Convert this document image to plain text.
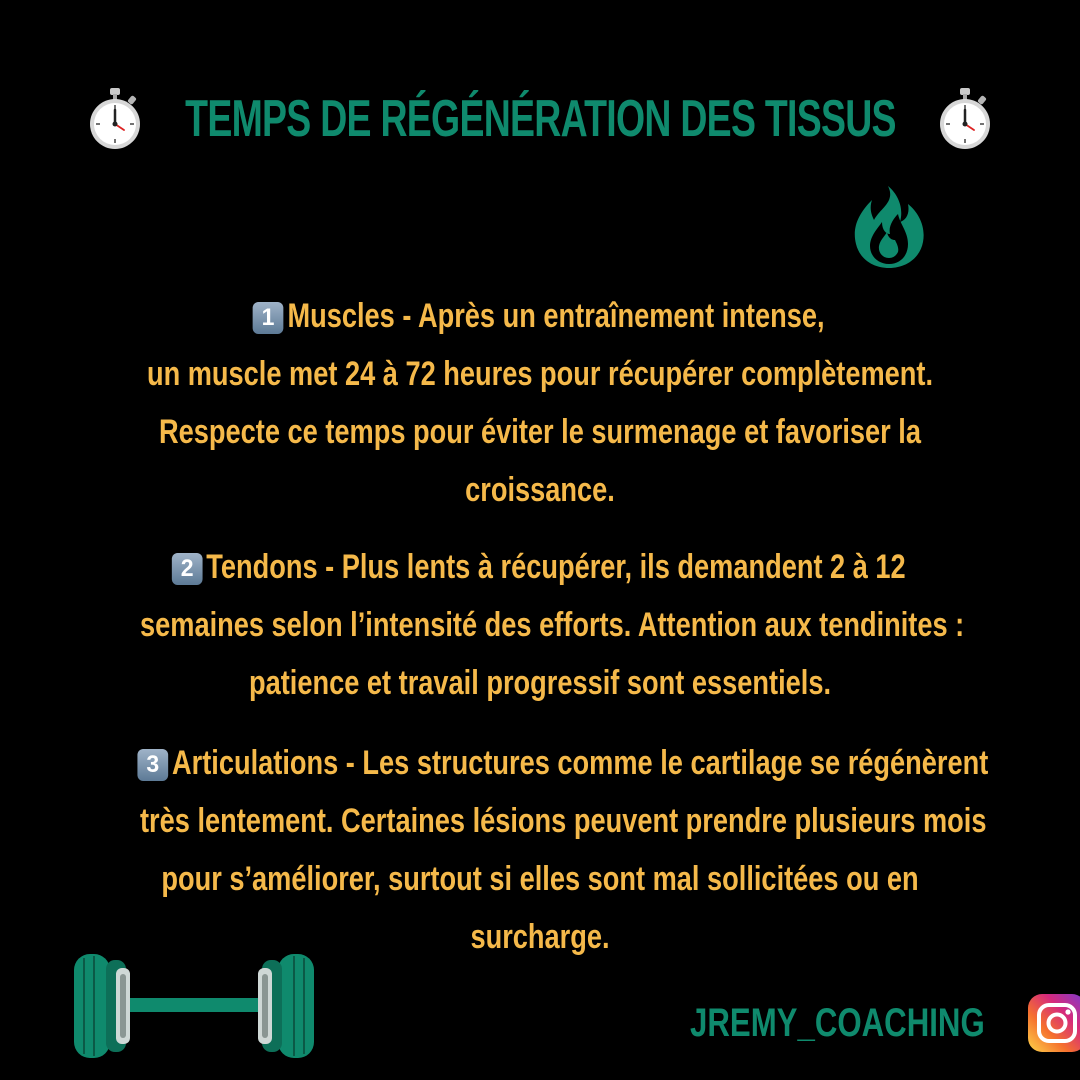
TEMPS DE RÉGÉNÉRATION DES TISSUS
1 Muscles - Après un entraînement intense,
un muscle met 24 à 72 heures pour récupérer complètement.
Respecte ce temps pour éviter le surmenage et favoriser la
croissance.
2 Tendons - Plus lents à récupérer, ils demandent 2 à 12
semaines selon l’intensité des efforts. Attention aux tendinites :
patience et travail progressif sont essentiels.
3 Articulations - Les structures comme le cartilage se régénèrent
très lentement. Certaines lésions peuvent prendre plusieurs mois
pour s’améliorer, surtout si elles sont mal sollicitées ou en
surcharge.
JREMY_COACHING
